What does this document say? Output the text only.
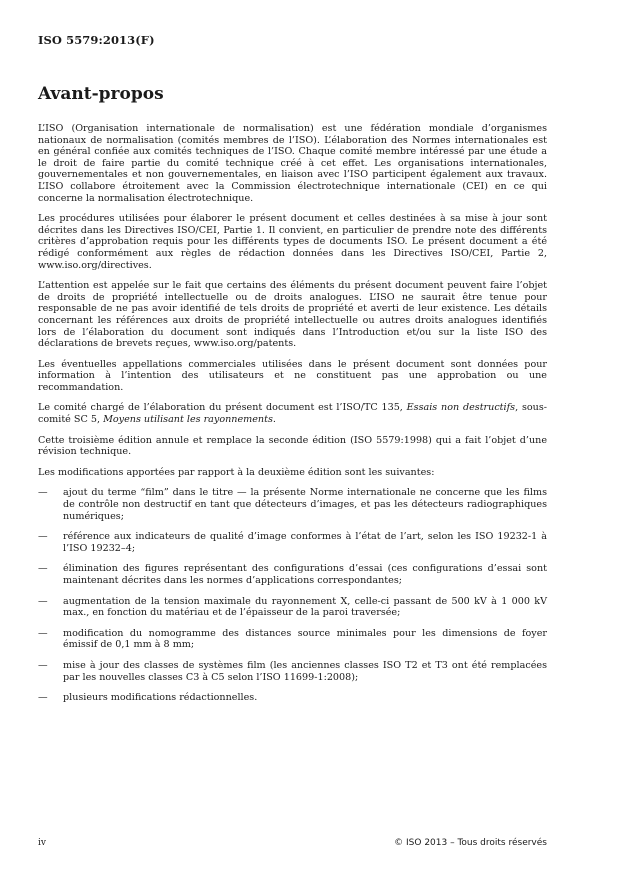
ISO 5579:2013(F)
Avant-propos

L’ISO (Organisation internationale de normalisation) est une fédération mondiale d’organismes nationaux de normalisation (comités membres de l’ISO). L’élaboration des Normes internationales est en général confiée aux comités techniques de l’ISO. Chaque comité membre intéressé par une étude a le droit de faire partie du comité technique créé à cet effet. Les organisations internationales, gouvernementales et non gouvernementales, en liaison avec l’ISO participent également aux travaux. L’ISO collabore étroitement avec la Commission électrotechnique internationale (CEI) en ce qui concerne la normalisation électrotechnique.

Les procédures utilisées pour élaborer le présent document et celles destinées à sa mise à jour sont décrites dans les Directives ISO/CEI, Partie 1. Il convient, en particulier de prendre note des différents critères d’approbation requis pour les différents types de documents ISO. Le présent document a été rédigé conformément aux règles de rédaction données dans les Directives ISO/CEI, Partie 2, www.iso.org/directives.

L’attention est appelée sur le fait que certains des éléments du présent document peuvent faire l’objet de droits de propriété intellectuelle ou de droits analogues. L’ISO ne saurait être tenue pour responsable de ne pas avoir identifié de tels droits de propriété et averti de leur existence. Les détails concernant les références aux droits de propriété intellectuelle ou autres droits analogues identifiés lors de l’élaboration du document sont indiqués dans l’Introduction et/ou sur la liste ISO des déclarations de brevets reçues, www.iso.org/patents.

Les éventuelles appellations commerciales utilisées dans le présent document sont données pour information à l’intention des utilisateurs et ne constituent pas une approbation ou une recommandation.

Le comité chargé de l’élaboration du présent document est l’ISO/TC 135, Essais non destructifs, sous-comité SC 5, Moyens utilisant les rayonnements.

Cette troisième édition annule et remplace la seconde édition (ISO 5579:1998) qui a fait l’objet d’une révision technique.

Les modifications apportées par rapport à la deuxième édition sont les suivantes:

— ajout du terme “film” dans le titre — la présente Norme internationale ne concerne que les films de contrôle non destructif en tant que détecteurs d’images, et pas les détecteurs radiographiques numériques;
— référence aux indicateurs de qualité d’image conformes à l’état de l’art, selon les ISO 19232-1 à l’ISO 19232–4;
— élimination des figures représentant des configurations d’essai (ces configurations d’essai sont maintenant décrites dans les normes d’applications correspondantes;
— augmentation de la tension maximale du rayonnement X, celle-ci passant de 500 kV à 1 000 kV max., en fonction du matériau et de l’épaisseur de la paroi traversée;
— modification du nomogramme des distances source minimales pour les dimensions de foyer émissif de 0,1 mm à 8 mm;
— mise à jour des classes de systèmes film (les anciennes classes ISO T2 et T3 ont été remplacées par les nouvelles classes C3 à C5 selon l’ISO 11699-1:2008);
— plusieurs modifications rédactionnelles.
iv	© ISO 2013 – Tous droits réservés
